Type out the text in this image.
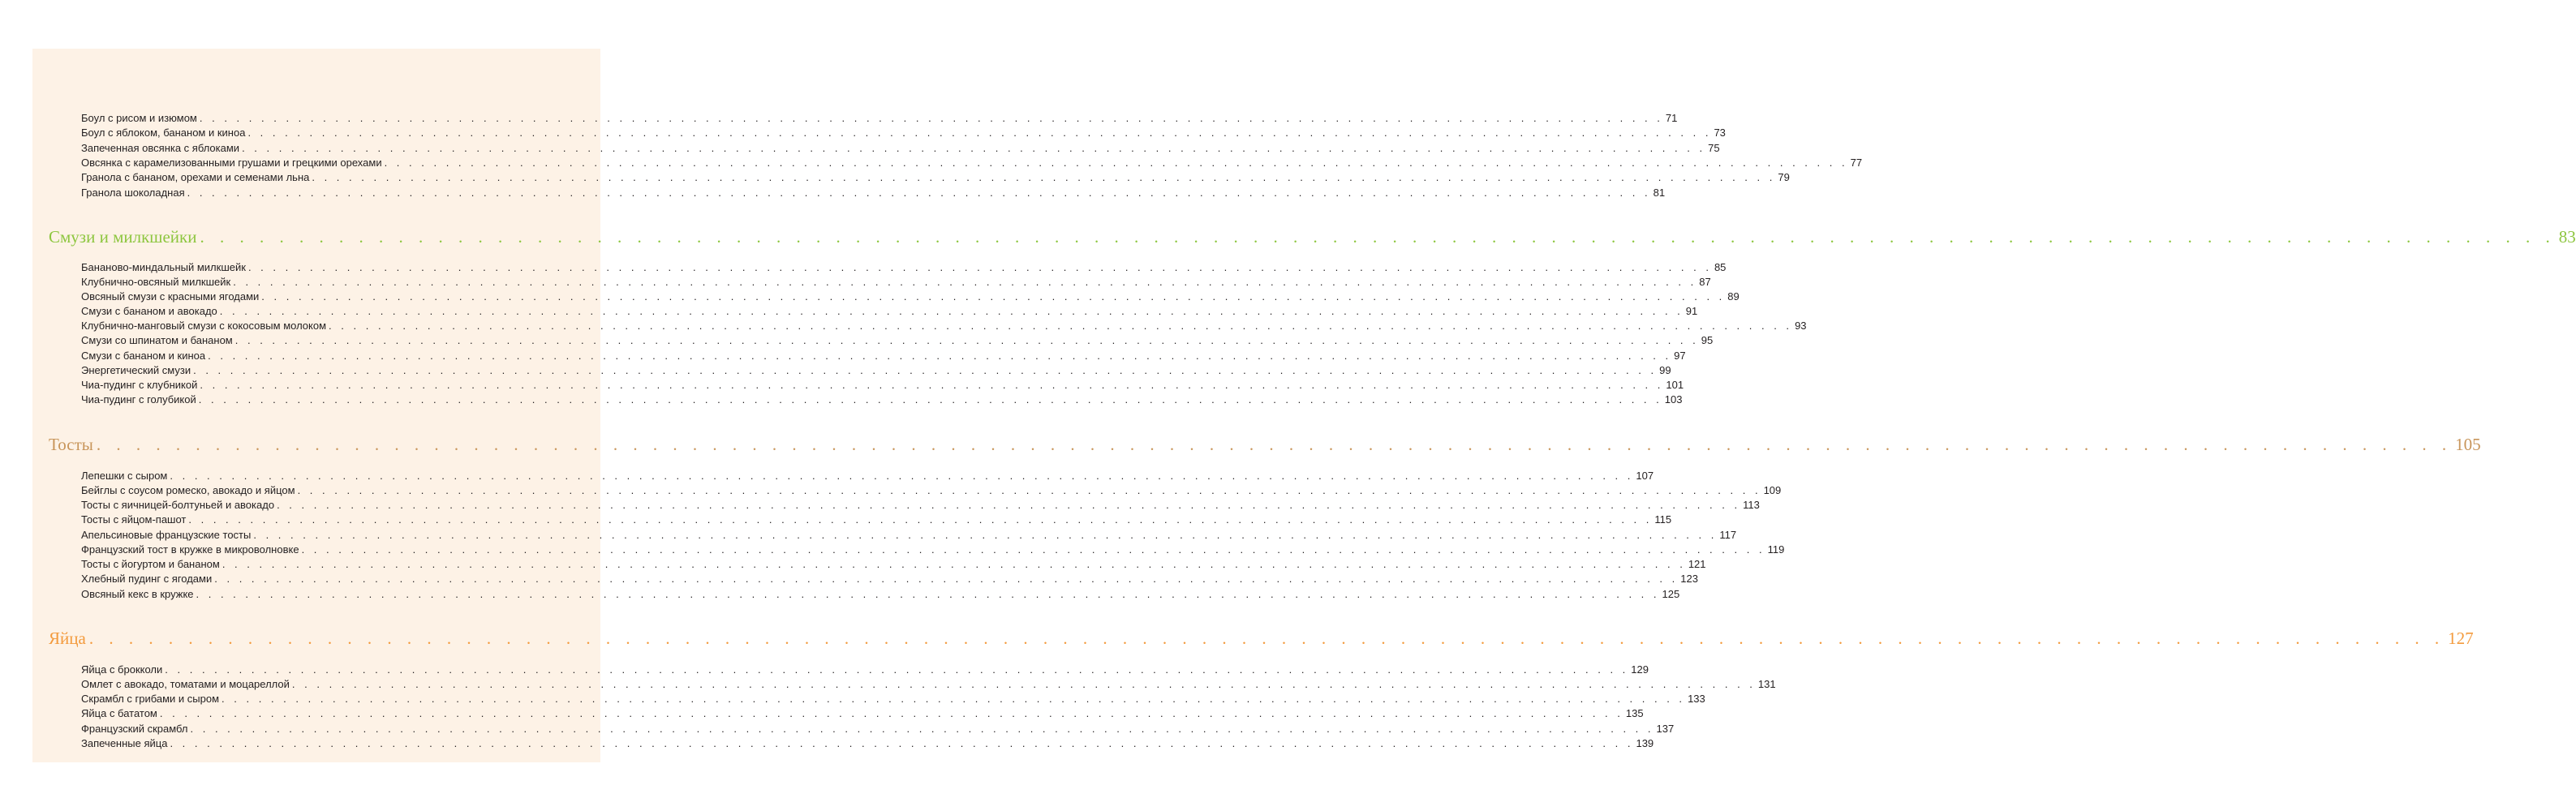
Боул с рисом и изюмом . . . . . . . . . . . . . . . . . . . . . . . . . . . . . . . . . . . . . . . . . . . . . . . . . . . . . . . . . . . . . . . . . . . . . . . . . . . . . . . . . . . . . . . . . . . . . . . . . . . . . . . . . . . . . . . . . . . . . . . 71
Боул с яблоком, бананом и киноа . . . . . . . . . . . . . . . . . . . . . . . . . . . . . . . . . . . . . . . . . . . . . . . . . . . . . . . . . . . . . . . . . . . . . . . . . . . . . . . . . . . . . . . . . . . . . . . . . . . . . . . . . . . . . . . . . . . . . . . 73
Запеченная овсянка с яблоками . . . . . . . . . . . . . . . . . . . . . . . . . . . . . . . . . . . . . . . . . . . . . . . . . . . . . . . . . . . . . . . . . . . . . . . . . . . . . . . . . . . . . . . . . . . . . . . . . . . . . . . . . . . . . . . . . . . . . . . 75
Овсянка с карамелизованными грушами и грецкими орехами . . . . . . . . . . . . . . . . . . . . . . . . . . . . . . . . . . . . . . . . . . . . . . . . . . . . . . . . . . . . . . . . . . . . . . . . . . . . . . . . . . . . . . . . . . . . . . . . . . . . . . . . . . . . . . . . . . . . . . . 77
Гранола с бананом, орехами и семенами льна . . . . . . . . . . . . . . . . . . . . . . . . . . . . . . . . . . . . . . . . . . . . . . . . . . . . . . . . . . . . . . . . . . . . . . . . . . . . . . . . . . . . . . . . . . . . . . . . . . . . . . . . . . . . . . . . . . . . . . . 79
Гранола шоколадная . . . . . . . . . . . . . . . . . . . . . . . . . . . . . . . . . . . . . . . . . . . . . . . . . . . . . . . . . . . . . . . . . . . . . . . . . . . . . . . . . . . . . . . . . . . . . . . . . . . . . . . . . . . . . . . . . . . . . . . 81
Смузи и милкшейки . . . . . . . . . . . . . . . . . . . . . . . . . . . . . . . . . . . . . . . . . . . . . . . . . . . . . . . . . . . . . . . . . . . . . . . . . . . . . . . . . . . . . . . . . . . . . . . . . . . . . . . . . . . . . . . . . . . . . . . 83
Бананово-миндальный милкшейк . . . . . . . . . . . . . . . . . . . . . . . . . . . . . . . . . . . . . . . . . . . . . . . . . . . . . . . . . . . . . . . . . . . . . . . . . . . . . . . . . . . . . . . . . . . . . . . . . . . . . . . . . . . . . . . . . . . . . . . 85
Клубнично-овсяный милкшейк . . . . . . . . . . . . . . . . . . . . . . . . . . . . . . . . . . . . . . . . . . . . . . . . . . . . . . . . . . . . . . . . . . . . . . . . . . . . . . . . . . . . . . . . . . . . . . . . . . . . . . . . . . . . . . . . . . . . . . . 87
Овсяный смузи с красными ягодами . . . . . . . . . . . . . . . . . . . . . . . . . . . . . . . . . . . . . . . . . . . . . . . . . . . . . . . . . . . . . . . . . . . . . . . . . . . . . . . . . . . . . . . . . . . . . . . . . . . . . . . . . . . . . . . . . . . . . . . 89
Смузи с бананом и авокадо . . . . . . . . . . . . . . . . . . . . . . . . . . . . . . . . . . . . . . . . . . . . . . . . . . . . . . . . . . . . . . . . . . . . . . . . . . . . . . . . . . . . . . . . . . . . . . . . . . . . . . . . . . . . . . . . . . . . . . . 91
Клубнично-манговый смузи с кокосовым молоком . . . . . . . . . . . . . . . . . . . . . . . . . . . . . . . . . . . . . . . . . . . . . . . . . . . . . . . . . . . . . . . . . . . . . . . . . . . . . . . . . . . . . . . . . . . . . . . . . . . . . . . . . . . . . . . . . . . . . . . 93
Смузи со шпинатом и бананом . . . . . . . . . . . . . . . . . . . . . . . . . . . . . . . . . . . . . . . . . . . . . . . . . . . . . . . . . . . . . . . . . . . . . . . . . . . . . . . . . . . . . . . . . . . . . . . . . . . . . . . . . . . . . . . . . . . . . . . 95
Смузи с бананом и киноа . . . . . . . . . . . . . . . . . . . . . . . . . . . . . . . . . . . . . . . . . . . . . . . . . . . . . . . . . . . . . . . . . . . . . . . . . . . . . . . . . . . . . . . . . . . . . . . . . . . . . . . . . . . . . . . . . . . . . . . 97
Энергетический смузи . . . . . . . . . . . . . . . . . . . . . . . . . . . . . . . . . . . . . . . . . . . . . . . . . . . . . . . . . . . . . . . . . . . . . . . . . . . . . . . . . . . . . . . . . . . . . . . . . . . . . . . . . . . . . . . . . . . . . . . 99
Чиа-пудинг с клубникой . . . . . . . . . . . . . . . . . . . . . . . . . . . . . . . . . . . . . . . . . . . . . . . . . . . . . . . . . . . . . . . . . . . . . . . . . . . . . . . . . . . . . . . . . . . . . . . . . . . . . . . . . . . . . . . . . . . . . . . 101
Чиа-пудинг с голубикой . . . . . . . . . . . . . . . . . . . . . . . . . . . . . . . . . . . . . . . . . . . . . . . . . . . . . . . . . . . . . . . . . . . . . . . . . . . . . . . . . . . . . . . . . . . . . . . . . . . . . . . . . . . . . . . . . . . . . . . 103
Тосты . . . . . . . . . . . . . . . . . . . . . . . . . . . . . . . . . . . . . . . . . . . . . . . . . . . . . . . . . . . . . . . . . . . . . . . . . . . . . . . . . . . . . . . . . . . . . . . . . . . . . . . . . . . . . . . . . . . . . . . 105
Лепешки с сыром . . . . . . . . . . . . . . . . . . . . . . . . . . . . . . . . . . . . . . . . . . . . . . . . . . . . . . . . . . . . . . . . . . . . . . . . . . . . . . . . . . . . . . . . . . . . . . . . . . . . . . . . . . . . . . . . . . . . . . . 107
Бейглы с соусом ромеско, авокадо и яйцом . . . . . . . . . . . . . . . . . . . . . . . . . . . . . . . . . . . . . . . . . . . . . . . . . . . . . . . . . . . . . . . . . . . . . . . . . . . . . . . . . . . . . . . . . . . . . . . . . . . . . . . . . . . . . . . . . . . . . . . 109
Тосты с яичницей-болтуньей и авокадо . . . . . . . . . . . . . . . . . . . . . . . . . . . . . . . . . . . . . . . . . . . . . . . . . . . . . . . . . . . . . . . . . . . . . . . . . . . . . . . . . . . . . . . . . . . . . . . . . . . . . . . . . . . . . . . . . . . . . . . 113
Тосты с яйцом-пашот . . . . . . . . . . . . . . . . . . . . . . . . . . . . . . . . . . . . . . . . . . . . . . . . . . . . . . . . . . . . . . . . . . . . . . . . . . . . . . . . . . . . . . . . . . . . . . . . . . . . . . . . . . . . . . . . . . . . . . . 115
Апельсиновые французские тосты . . . . . . . . . . . . . . . . . . . . . . . . . . . . . . . . . . . . . . . . . . . . . . . . . . . . . . . . . . . . . . . . . . . . . . . . . . . . . . . . . . . . . . . . . . . . . . . . . . . . . . . . . . . . . . . . . . . . . . . 117
Французский тост в кружке в микроволновке . . . . . . . . . . . . . . . . . . . . . . . . . . . . . . . . . . . . . . . . . . . . . . . . . . . . . . . . . . . . . . . . . . . . . . . . . . . . . . . . . . . . . . . . . . . . . . . . . . . . . . . . . . . . . . . . . . . . . . . 119
Тосты с йогуртом и бананом . . . . . . . . . . . . . . . . . . . . . . . . . . . . . . . . . . . . . . . . . . . . . . . . . . . . . . . . . . . . . . . . . . . . . . . . . . . . . . . . . . . . . . . . . . . . . . . . . . . . . . . . . . . . . . . . . . . . . . . 121
Хлебный пудинг с ягодами . . . . . . . . . . . . . . . . . . . . . . . . . . . . . . . . . . . . . . . . . . . . . . . . . . . . . . . . . . . . . . . . . . . . . . . . . . . . . . . . . . . . . . . . . . . . . . . . . . . . . . . . . . . . . . . . . . . . . . . 123
Овсяный кекс в кружке . . . . . . . . . . . . . . . . . . . . . . . . . . . . . . . . . . . . . . . . . . . . . . . . . . . . . . . . . . . . . . . . . . . . . . . . . . . . . . . . . . . . . . . . . . . . . . . . . . . . . . . . . . . . . . . . . . . . . . . 125
Яйца . . . . . . . . . . . . . . . . . . . . . . . . . . . . . . . . . . . . . . . . . . . . . . . . . . . . . . . . . . . . . . . . . . . . . . . . . . . . . . . . . . . . . . . . . . . . . . . . . . . . . . . . . . . . . . . . . . . . . . . 127
Яйца с брокколи . . . . . . . . . . . . . . . . . . . . . . . . . . . . . . . . . . . . . . . . . . . . . . . . . . . . . . . . . . . . . . . . . . . . . . . . . . . . . . . . . . . . . . . . . . . . . . . . . . . . . . . . . . . . . . . . . . . . . . . 129
Омлет с авокадо, томатами и моцареллой . . . . . . . . . . . . . . . . . . . . . . . . . . . . . . . . . . . . . . . . . . . . . . . . . . . . . . . . . . . . . . . . . . . . . . . . . . . . . . . . . . . . . . . . . . . . . . . . . . . . . . . . . . . . . . . . . . . . . . . 131
Скрамбл с грибами и сыром . . . . . . . . . . . . . . . . . . . . . . . . . . . . . . . . . . . . . . . . . . . . . . . . . . . . . . . . . . . . . . . . . . . . . . . . . . . . . . . . . . . . . . . . . . . . . . . . . . . . . . . . . . . . . . . . . . . . . . . 133
Яйца с бататом . . . . . . . . . . . . . . . . . . . . . . . . . . . . . . . . . . . . . . . . . . . . . . . . . . . . . . . . . . . . . . . . . . . . . . . . . . . . . . . . . . . . . . . . . . . . . . . . . . . . . . . . . . . . . . . . . . . . . . . 135
Французский скрамбл . . . . . . . . . . . . . . . . . . . . . . . . . . . . . . . . . . . . . . . . . . . . . . . . . . . . . . . . . . . . . . . . . . . . . . . . . . . . . . . . . . . . . . . . . . . . . . . . . . . . . . . . . . . . . . . . . . . . . . . 137
Запеченные яйца . . . . . . . . . . . . . . . . . . . . . . . . . . . . . . . . . . . . . . . . . . . . . . . . . . . . . . . . . . . . . . . . . . . . . . . . . . . . . . . . . . . . . . . . . . . . . . . . . . . . . . . . . . . . . . . . . . . . . . . 139
